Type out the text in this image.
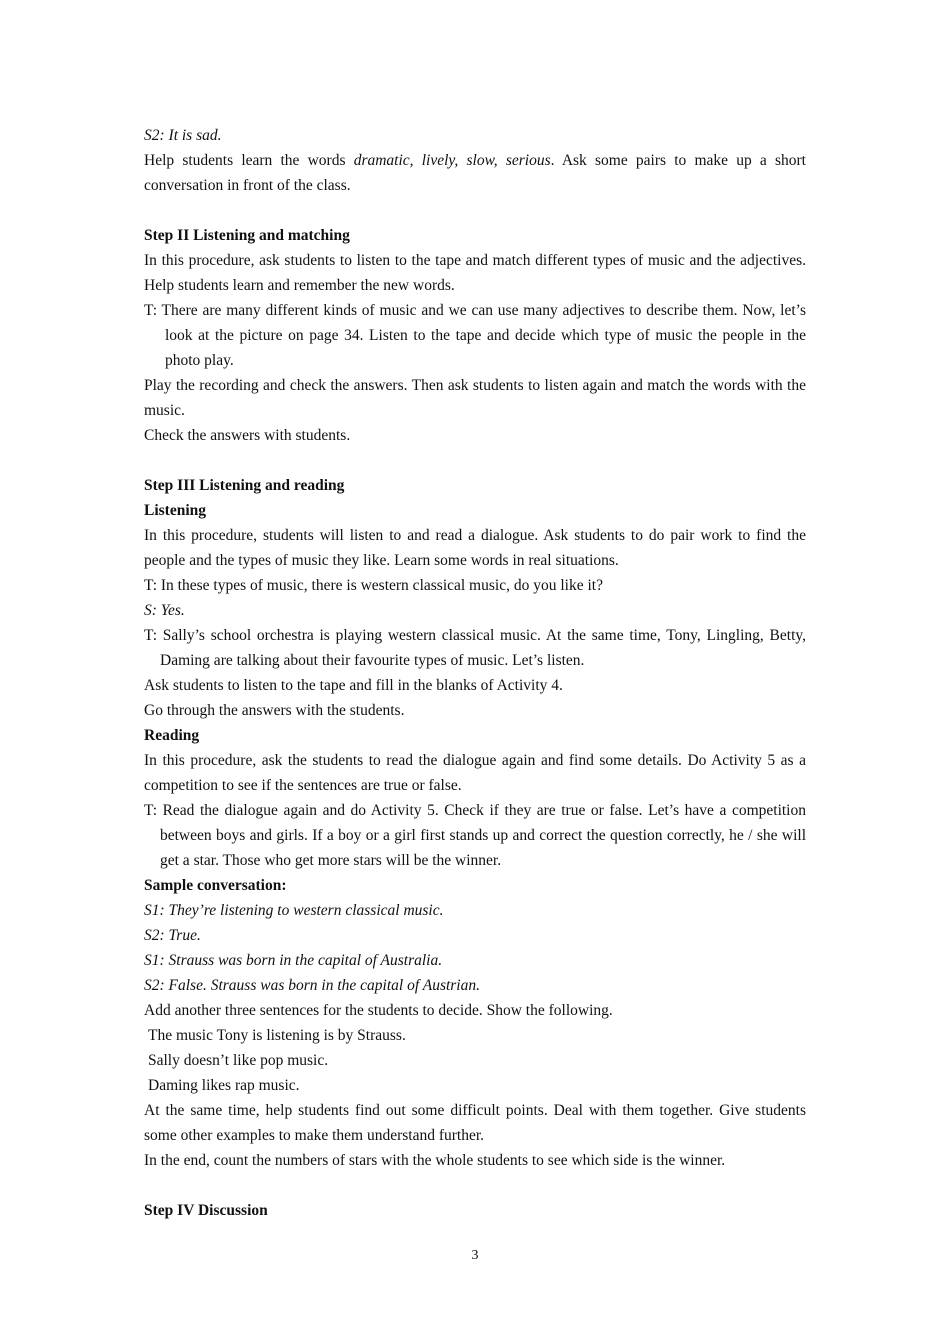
S2: It is sad.

Help students learn the words dramatic, lively, slow, serious. Ask some pairs to make up a short conversation in front of the class.

Step II Listening and matching

In this procedure, ask students to listen to the tape and match different types of music and the adjectives. Help students learn and remember the new words.

T: There are many different kinds of music and we can use many adjectives to describe them. Now, let’s look at the picture on page 34. Listen to the tape and decide which type of music the people in the photo play.

Play the recording and check the answers. Then ask students to listen again and match the words with the music.

Check the answers with students.

Step III Listening and reading

Listening

In this procedure, students will listen to and read a dialogue. Ask students to do pair work to find the people and the types of music they like. Learn some words in real situations.

T: In these types of music, there is western classical music, do you like it?

S: Yes.

T: Sally’s school orchestra is playing western classical music. At the same time, Tony, Lingling, Betty, Daming are talking about their favourite types of music. Let’s listen.

Ask students to listen to the tape and fill in the blanks of Activity 4.

Go through the answers with the students.

Reading

In this procedure, ask the students to read the dialogue again and find some details. Do Activity 5 as a competition to see if the sentences are true or false.

T: Read the dialogue again and do Activity 5. Check if they are true or false. Let’s have a competition between boys and girls. If a boy or a girl first stands up and correct the question correctly, he / she will get a star. Those who get more stars will be the winner.

Sample conversation:

S1: They’re listening to western classical music.

S2: True.

S1: Strauss was born in the capital of Australia.

S2: False. Strauss was born in the capital of Austrian.

Add another three sentences for the students to decide. Show the following.

The music Tony is listening is by Strauss.

Sally doesn’t like pop music.

Daming likes rap music.

At the same time, help students find out some difficult points. Deal with them together. Give students some other examples to make them understand further.

In the end, count the numbers of stars with the whole students to see which side is the winner.

Step IV Discussion

3
